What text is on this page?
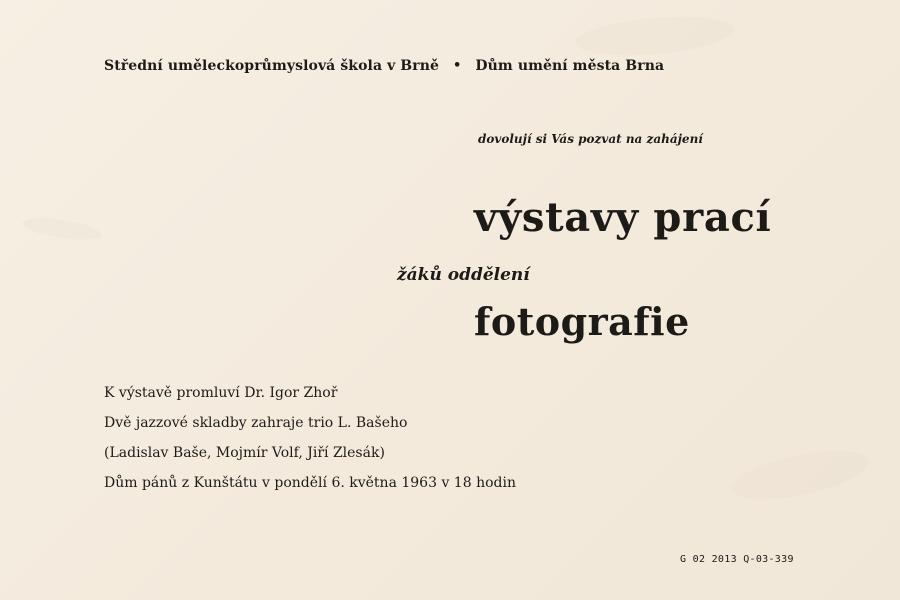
Střední uměleckoprůmyslová škola v Brně • Dům umění města Brna
dovolují si Vás pozvat na zahájení
výstavy prací
žáků oddělení
fotografie
K výstavě promluví Dr. Igor Zhoř
Dvě jazzové skladby zahraje trio L. Bašeho
(Ladislav Baše, Mojmír Volf, Jiří Zlesák)
Dům pánů z Kunštátu v pondělí 6. května 1963 v 18 hodin
G 02 2013 Q-03-339
